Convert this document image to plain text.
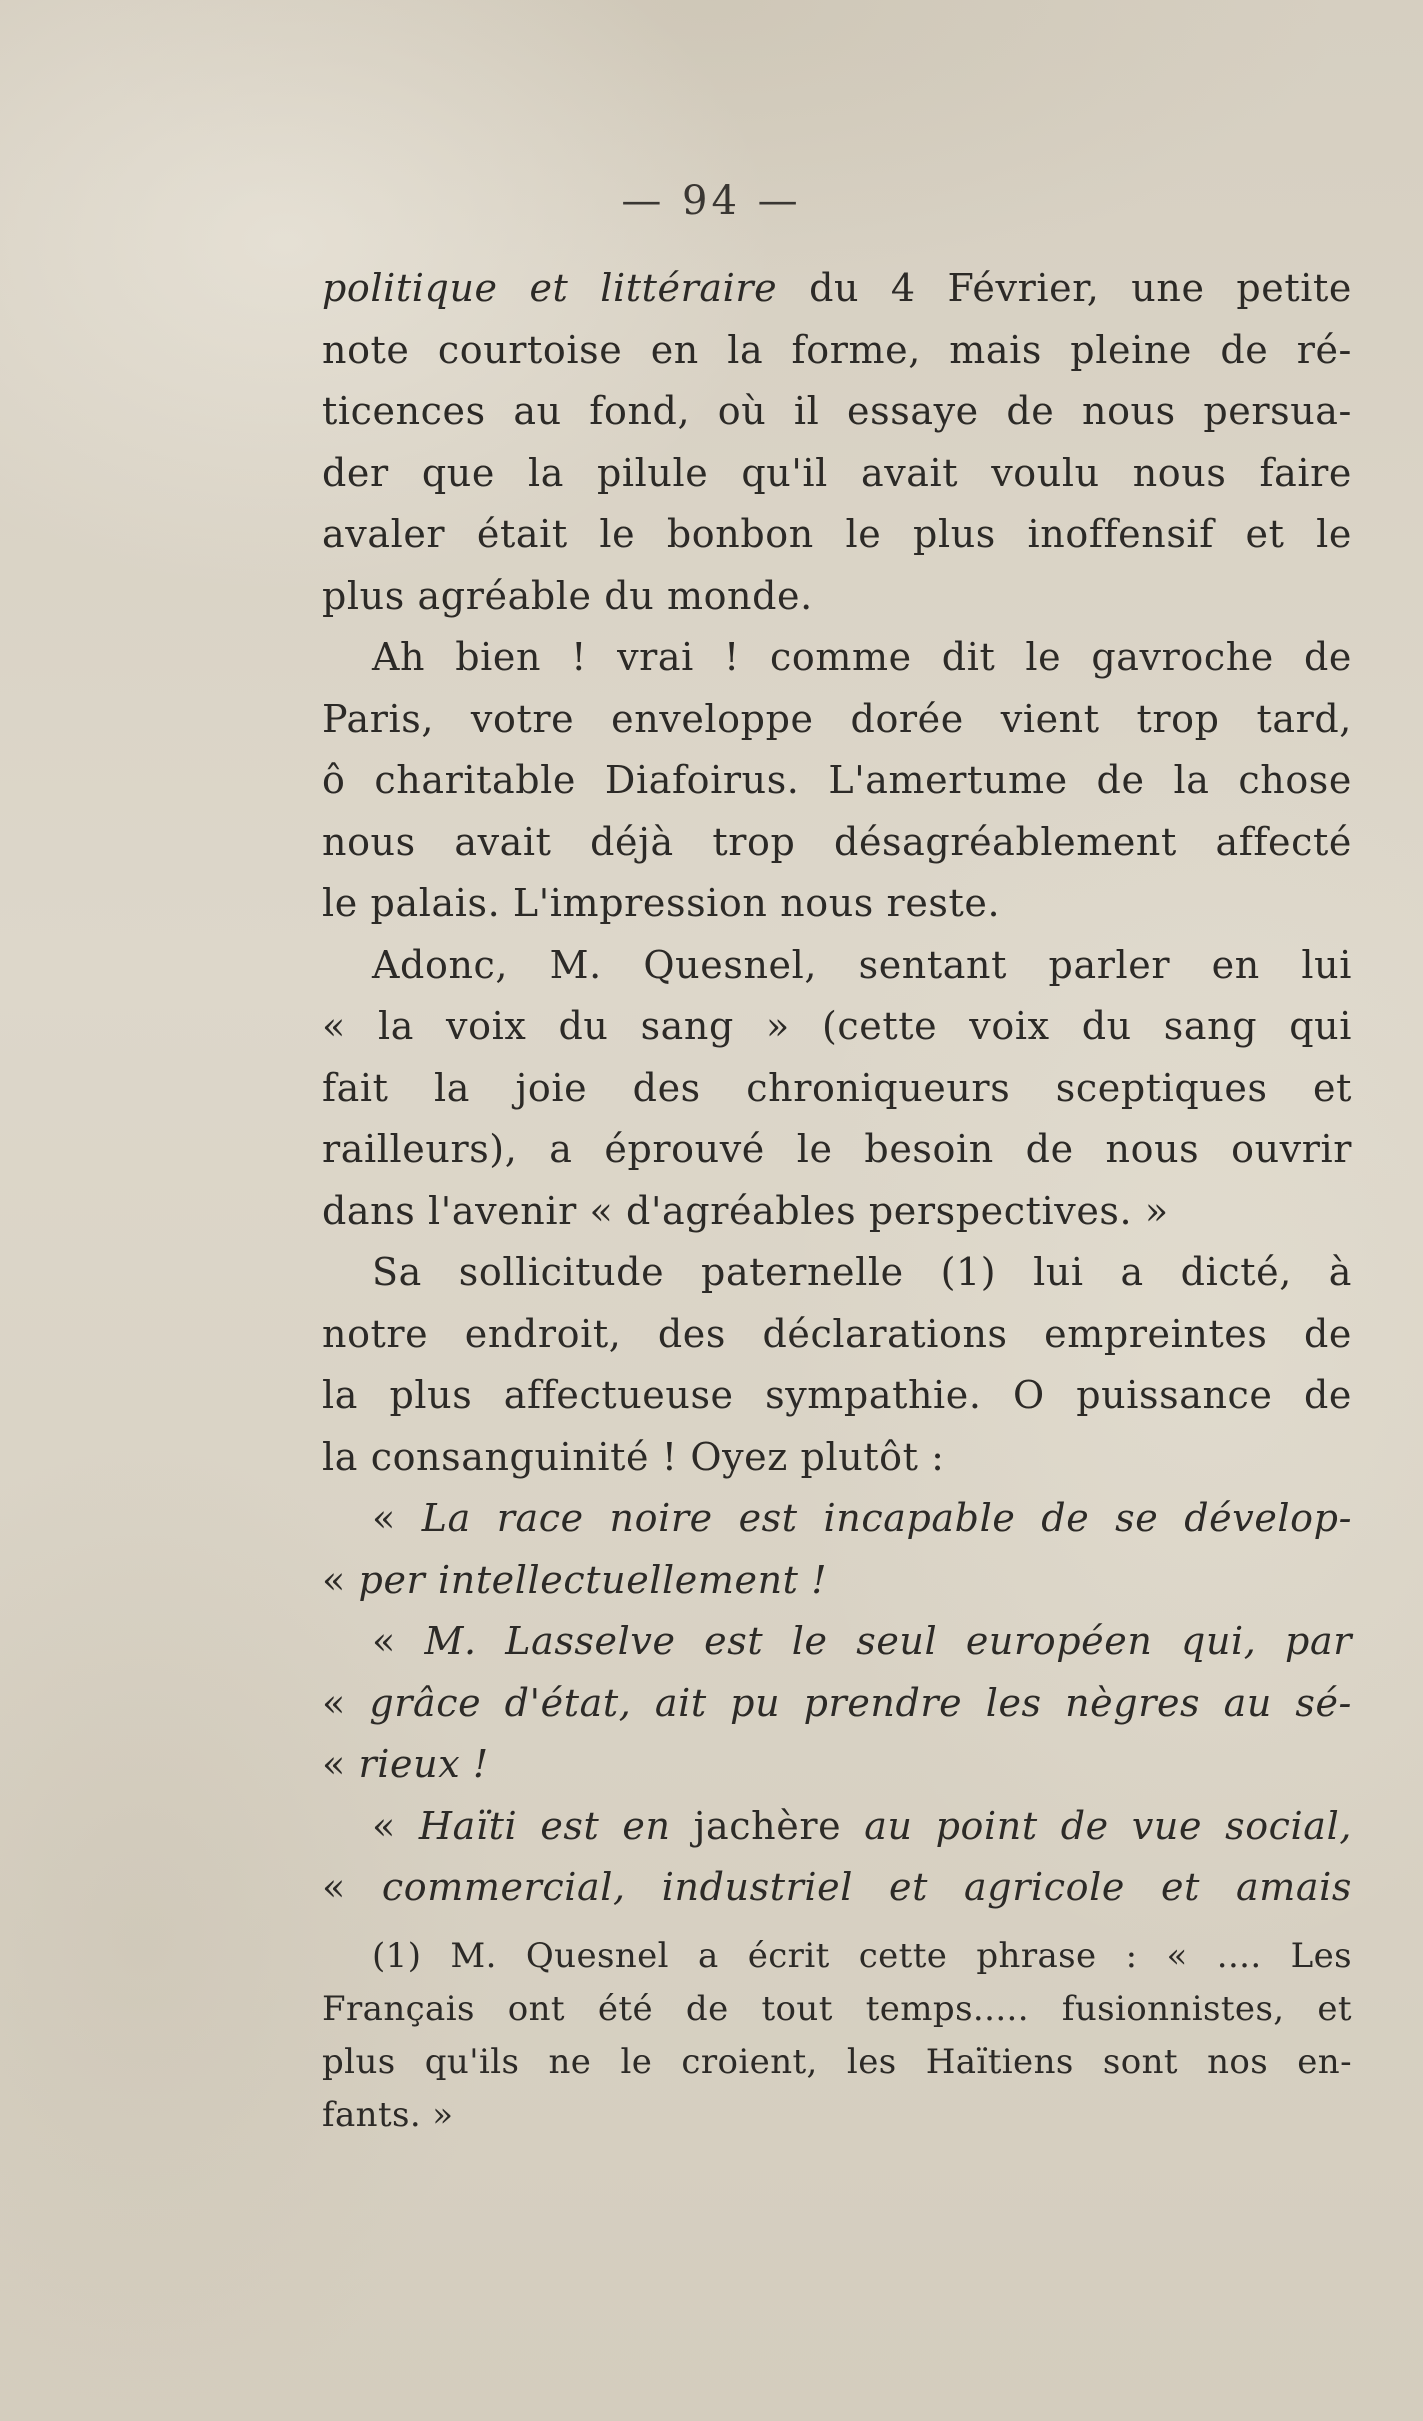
— 94 —
politique et littéraire du 4 Février, une petite
note courtoise en la forme, mais pleine de ré-
ticences au fond, où il essaye de nous persua-
der que la pilule qu'il avait voulu nous faire
avaler était le bonbon le plus inoffensif et le
plus agréable du monde.
Ah bien ! vrai ! comme dit le gavroche de
Paris, votre enveloppe dorée vient trop tard,
ô charitable Diafoirus. L'amertume de la chose
nous avait déjà trop désagréablement affecté
le palais. L'impression nous reste.
Adonc, M. Quesnel, sentant parler en lui
« la voix du sang » (cette voix du sang qui
fait la joie des chroniqueurs sceptiques et
railleurs), a éprouvé le besoin de nous ouvrir
dans l'avenir « d'agréables perspectives. »
Sa sollicitude paternelle (1) lui a dicté, à
notre endroit, des déclarations empreintes de
la plus affectueuse sympathie. O puissance de
la consanguinité ! Oyez plutôt :
« La race noire est incapable de se dévelop-
« per intellectuellement !
« M. Lasselve est le seul européen qui, par
« grâce d'état, ait pu prendre les nègres au sé-
« rieux !
« Haïti est en jachère au point de vue social,
« commercial, industriel et agricole et amais
(1) M. Quesnel a écrit cette phrase : « .... Les
Français ont été de tout temps..... fusionnistes, et
plus qu'ils ne le croient, les Haïtiens sont nos en-
fants. »
